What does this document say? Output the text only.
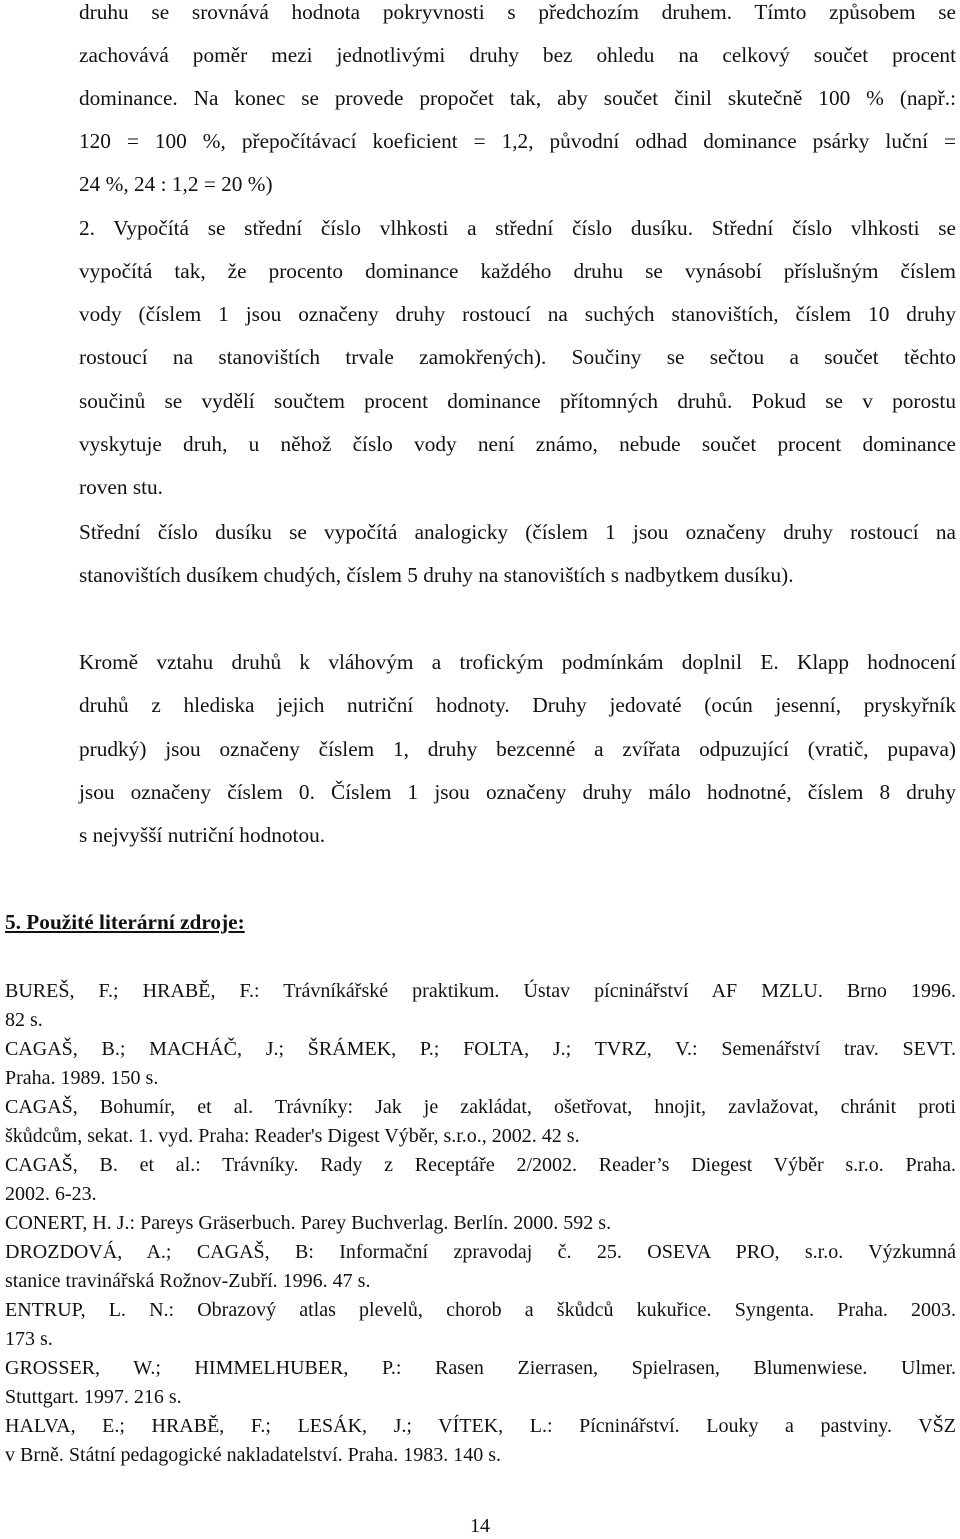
druhu se srovnává hodnota pokryvnosti s předchozím druhem. Tímto způsobem se
zachovává poměr mezi jednotlivými druhy bez ohledu na celkový součet procent
dominance. Na konec se provede propočet tak, aby součet činil skutečně 100 % (např.:
120 = 100 %, přepočítávací koeficient = 1,2, původní odhad dominance psárky luční =
24 %, 24 : 1,2 = 20 %)
2. Vypočítá se střední číslo vlhkosti a střední číslo dusíku. Střední číslo vlhkosti se
vypočítá tak, že procento dominance každého druhu se vynásobí příslušným číslem
vody (číslem 1 jsou označeny druhy rostoucí na suchých stanovištích, číslem 10 druhy
rostoucí na stanovištích trvale zamokřených). Součiny se sečtou a součet těchto
součinů se vydělí součtem procent dominance přítomných druhů. Pokud se v porostu
vyskytuje druh, u něhož číslo vody není známo, nebude součet procent dominance
roven stu.
Střední číslo dusíku se vypočítá analogicky (číslem 1 jsou označeny druhy rostoucí na
stanovištích dusíkem chudých, číslem 5 druhy na stanovištích s nadbytkem dusíku).
Kromě vztahu druhů k vláhovým a trofickým podmínkám doplnil E. Klapp hodnocení
druhů z hlediska jejich nutriční hodnoty. Druhy jedovaté (ocún jesenní, pryskyřník
prudký) jsou označeny číslem 1, druhy bezcenné a zvířata odpuzující (vratič, pupava)
jsou označeny číslem 0. Číslem 1 jsou označeny druhy málo hodnotné, číslem 8 druhy
s nejvyšší nutriční hodnotou.
5. Použité literární zdroje:
BUREŠ, F.; HRABĚ, F.: Trávníkářské praktikum. Ústav pícninářství AF MZLU. Brno 1996.
82 s.
CAGAŠ, B.; MACHÁČ, J.; ŠRÁMEK, P.; FOLTA, J.; TVRZ, V.: Semenářství trav. SEVT.
Praha. 1989. 150 s.
CAGAŠ, Bohumír, et al. Trávníky: Jak je zakládat, ošetřovat, hnojit, zavlažovat, chránit proti
škůdcům, sekat. 1. vyd. Praha: Reader's Digest Výběr, s.r.o., 2002. 42 s.
CAGAŠ, B. et al.: Trávníky. Rady z Receptáře 2/2002. Reader’s Diegest Výběr s.r.o. Praha.
2002. 6-23.
CONERT, H. J.: Pareys Gräserbuch. Parey Buchverlag. Berlín. 2000. 592 s.
DROZDOVÁ, A.; CAGAŠ, B: Informační zpravodaj č. 25. OSEVA PRO, s.r.o. Výzkumná
stanice travinářská Rožnov-Zubří. 1996. 47 s.
ENTRUP, L. N.: Obrazový atlas plevelů, chorob a škůdců kukuřice. Syngenta. Praha. 2003.
173 s.
GROSSER, W.; HIMMELHUBER, P.: Rasen Zierrasen, Spielrasen, Blumenwiese. Ulmer.
Stuttgart. 1997. 216 s.
HALVA, E.; HRABĚ, F.; LESÁK, J.; VÍTEK, L.: Pícninářství. Louky a pastviny. VŠZ
v Brně. Státní pedagogické nakladatelství. Praha. 1983. 140 s.
14
